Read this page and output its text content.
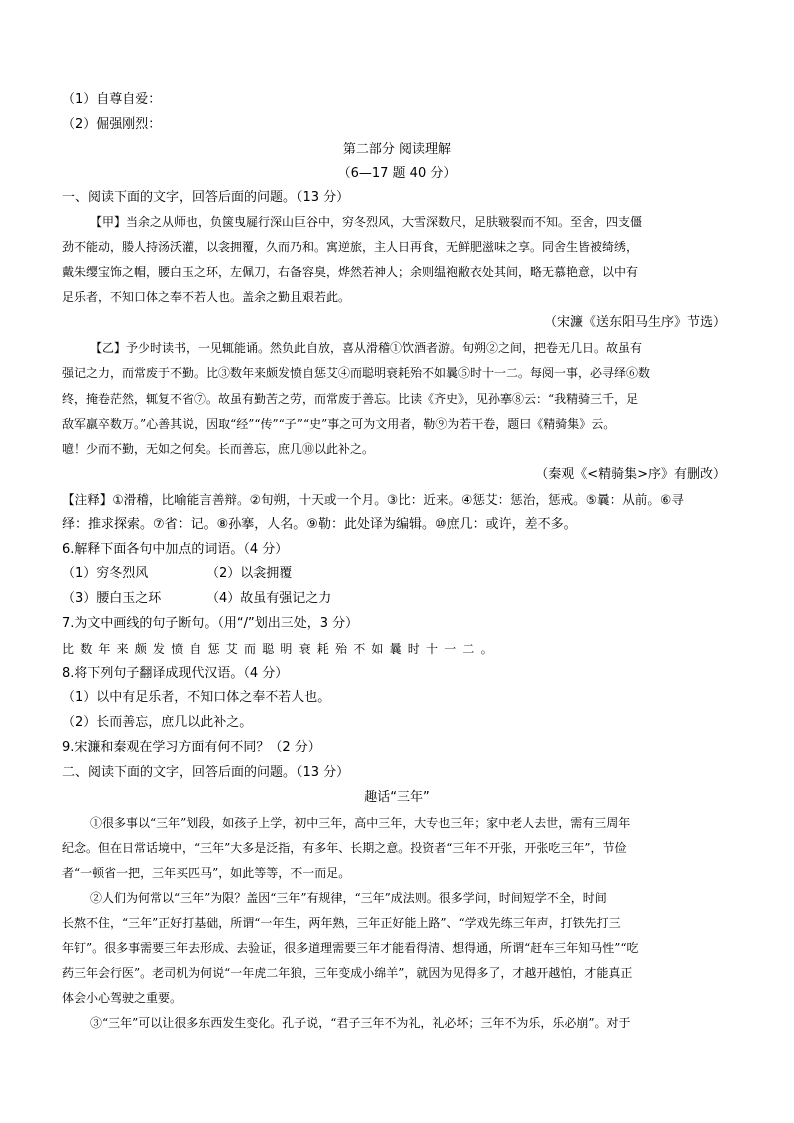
（1）自尊自爱：
（2）倔强刚烈：
第二部分 阅读理解
（6—17 题 40 分）
一、阅读下面的文字，回答后面的问题。（13 分）
【甲】当余之从师也，负箧曳屣行深山巨谷中，穷冬烈风，大雪深数尺，足肤皲裂而不知。至舍，四支僵
劲不能动，媵人持汤沃灌，以衾拥覆，久而乃和。寓逆旅，主人日再食，无鲜肥滋味之享。同舍生皆被绮绣，
戴朱缨宝饰之帽，腰白玉之环，左佩刀，右备容臭，烨然若神人；余则缊袍敝衣处其间，略无慕艳意，以中有
足乐者，不知口体之奉不若人也。盖余之勤且艰若此。
（宋濂《送东阳马生序》节选）
【乙】予少时读书，一见辄能诵。然负此自放，喜从滑稽①饮酒者游。旬朔②之间，把卷无几日。故虽有
强记之力，而常废于不勤。比③数年来颇发愤自惩艾④而聪明衰耗殆不如曩⑤时十一二。每阅一事，必寻绎⑥数
终，掩卷茫然，辄复不省⑦。故虽有勤苦之劳，而常废于善忘。比读《齐史》，见孙搴⑧云：“我精骑三千，足
敌军羸卒数万。”心善其说，因取“经”“传”“子”“史”事之可为文用者，勒⑨为若干卷，题曰《精骑集》云。
噫！少而不勤，无如之何矣。长而善忘，庶几⑩以此补之。
（秦观《<精骑集>序》有删改）
【注释】①滑稽，比喻能言善辩。②旬朔，十天或一个月。③比：近来。④惩艾：惩治，惩戒。⑤曩：从前。⑥寻
绎：推求探索。⑦省：记。⑧孙搴，人名。⑨勒：此处译为编辑。⑩庶几：或许，差不多。
6.解释下面各句中加点的词语。（4 分）
（1）穷冬烈风	（2）以衾拥覆
（3）腰白玉之环	（4）故虽有强记之力
7.为文中画线的句子断句。（用“/”划出三处，3 分）
比数年来颇发愤自惩艾而聪明衰耗殆不如曩时十一二。
8.将下列句子翻译成现代汉语。（4 分）
（1）以中有足乐者，不知口体之奉不若人也。
（2）长而善忘，庶几以此补之。
9.宋濂和秦观在学习方面有何不同？（2 分）
二、阅读下面的文字，回答后面的问题。（13 分）
趣话“三年”
①很多事以“三年”划段，如孩子上学，初中三年，高中三年，大专也三年；家中老人去世，需有三周年
纪念。但在日常话境中，“三年”大多是泛指，有多年、长期之意。投资者“三年不开张，开张吃三年”，节俭
者“一顿省一把，三年买匹马”，如此等等，不一而足。
②人们为何常以“三年”为限？盖因“三年”有规律，“三年”成法则。很多学问，时间短学不全，时间
长熬不住，“三年”正好打基础，所谓“一年生，两年熟，三年正好能上路”、“学戏先练三年声，打铁先打三
年钉”。很多事需要三年去形成、去验证，很多道理需要三年才能看得清、想得通，所谓“赶车三年知马性”“吃
药三年会行医”。老司机为何说“一年虎二年狼，三年变成小绵羊”，就因为见得多了，才越开越怕，才能真正
体会小心驾驶之重要。
③“三年”可以让很多东西发生变化。孔子说，“君子三年不为礼，礼必坏；三年不为乐，乐必崩”。对于
